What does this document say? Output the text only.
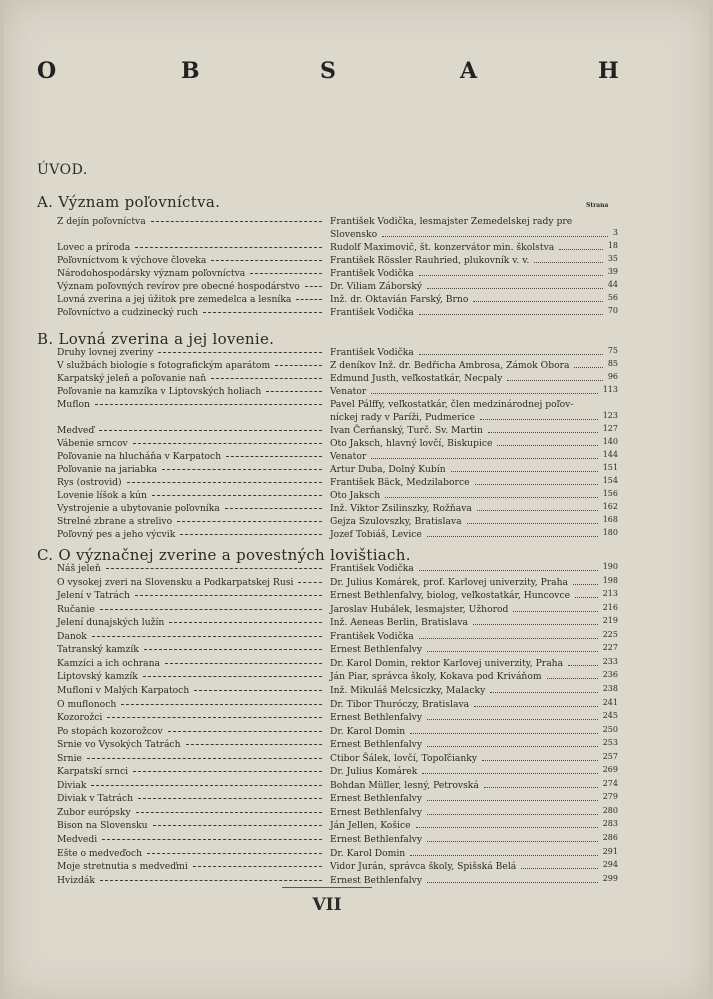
O	B	S	A	H
ÚVOD.
Strana
A. Význam poľovníctva.
B. Lovná zverina a jej lovenie.
C. O význačnej zverine a povestných lovištiach.
Z dejín poľovníctva	František Vodička, lesmajster Zemedelskej rady pre
Slovensko	3
Lovec a príroda	Rudolf Maximovič, št. konzervátor min. školstva	18
Poľovníctvom k výchove človeka	František Rössler Rauhried, plukovník v. v.	35
Národohospodársky význam poľovníctva	František Vodička	39
Význam poľovných revírov pre obecné hospodárstvo	Dr. Viliam Záborský	44
Lovná zverina a jej úžitok pre zemedelca a lesníka	Inž. dr. Oktavián Farský, Brno	56
Poľovníctvo a cudzinecký ruch	František Vodička	70
Druhy lovnej zveriny	František Vodička	75
V službách biologie s fotografickým aparátom	Z deníkov Inž. dr. Bedřicha Ambrosa, Zámok Obora	85
Karpatský jeleň a poľovanie naň	Edmund Justh, veľkostatkár, Necpaly	96
Poľovanie na kamzíka v Liptovských holiach	Venator	113
Muflon	Pavel Pálffy, veľkostatkár, člen medzinárodnej poľov-
níckej rady v Paríži, Pudmerice	123
Medveď	Ivan Čerňanský, Turč. Sv. Martin	127
Vábenie srncov	Oto Jaksch, hlavný lovčí, Biskupice	140
Poľovanie na hlucháňa v Karpatoch	Venator	144
Poľovanie na jariabka	Artur Duba, Dolný Kubín	151
Rys (ostrovid)	František Bäck, Medzilaborce	154
Lovenie líšok a kún	Oto Jaksch	156
Vystrojenie a ubytovanie poľovníka	Inž. Viktor Zsilinszky, Rožňava	162
Strelné zbrane a strelivo	Gejza Szulovszky, Bratislava	168
Poľovný pes a jeho výcvik	Jozef Tobiáš, Levice	180
Náš jeleň	František Vodička	190
O vysokej zveri na Slovensku a Podkarpatskej Rusi	Dr. Julius Komárek, prof. Karlovej univerzity, Praha	198
Jelení v Tatrách	Ernest Bethlenfalvy, biolog, veľkostatkár, Huncovce	213
Ručanie	Jaroslav Hubálek, lesmajster, Užhorod	216
Jelení dunajských lužín	Inž. Aeneas Berlin, Bratislava	219
Danok	František Vodička	225
Tatranský kamzík	Ernest Bethlenfalvy	227
Kamzíci a ich ochrana	Dr. Karol Domin, rektor Karlovej univerzity, Praha	233
Liptovský kamzík	Ján Piar, správca školy, Kokava pod Kriváňom	236
Mufloni v Malých Karpatoch	Inž. Mikuláš Melcsiczky, Malacky	238
O muflonoch	Dr. Tibor Thuróczy, Bratislava	241
Kozorožci	Ernest Bethlenfalvy	245
Po stopách kozorožcov	Dr. Karol Domin	250
Srnie vo Vysokých Tatrách	Ernest Bethlenfalvy	253
Srnie	Ctibor Šálek, lovčí, Topoľčianky	257
Karpatskí srnci	Dr. Julius Komárek	269
Diviak	Bohdan Müller, lesný, Petrovská	274
Diviak v Tatrách	Ernest Bethlenfalvy	279
Zubor európsky	Ernest Bethlenfalvy	280
Bison na Slovensku	Ján Jellen, Košice	283
Medvedi	Ernest Bethlenfalvy	286
Ešte o medveďoch	Dr. Karol Domin	291
Moje stretnutia s medveďmi	Vidor Jurán, správca školy, Spišská Belá	294
Hvizdák	Ernest Bethlenfalvy	299
VII
